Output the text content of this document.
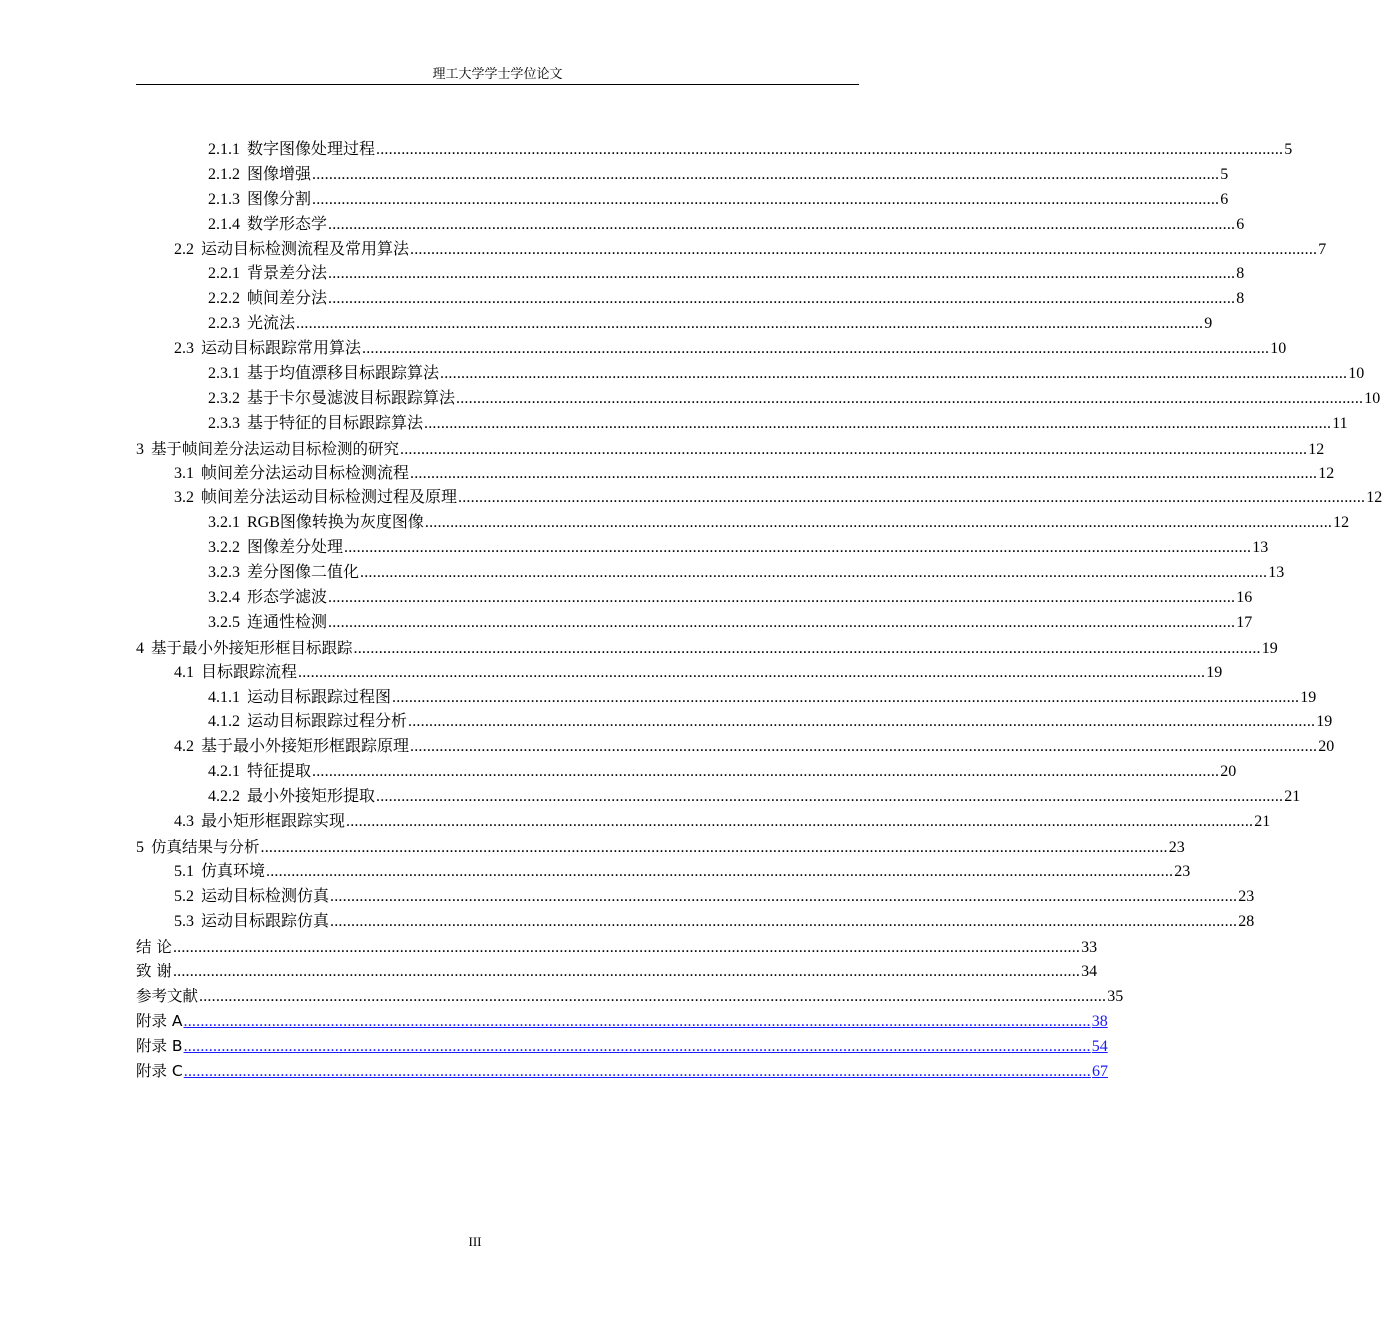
理工大学学士学位论文
2.1.1 数字图像处理过程 ........................................................................................................................................................................................................................ 5
2.1.2 图像增强 ........................................................................................................................................................................................................................ 5
2.1.3 图像分割 ........................................................................................................................................................................................................................ 6
2.1.4 数学形态学 ........................................................................................................................................................................................................................ 6
2.2 运动目标检测流程及常用算法 ........................................................................................................................................................................................................................ 7
2.2.1 背景差分法 ........................................................................................................................................................................................................................ 8
2.2.2 帧间差分法 ........................................................................................................................................................................................................................ 8
2.2.3 光流法 ........................................................................................................................................................................................................................ 9
2.3 运动目标跟踪常用算法 ........................................................................................................................................................................................................................ 10
2.3.1 基于均值漂移目标跟踪算法 ........................................................................................................................................................................................................................ 10
2.3.2 基于卡尔曼滤波目标跟踪算法 ........................................................................................................................................................................................................................ 10
2.3.3 基于特征的目标跟踪算法 ........................................................................................................................................................................................................................ 11
3 基于帧间差分法运动目标检测的研究 ........................................................................................................................................................................................................................ 12
3.1 帧间差分法运动目标检测流程 ........................................................................................................................................................................................................................ 12
3.2 帧间差分法运动目标检测过程及原理 ........................................................................................................................................................................................................................ 12
3.2.1 RGB图像转换为灰度图像 ........................................................................................................................................................................................................................ 12
3.2.2 图像差分处理 ........................................................................................................................................................................................................................ 13
3.2.3 差分图像二值化 ........................................................................................................................................................................................................................ 13
3.2.4 形态学滤波 ........................................................................................................................................................................................................................ 16
3.2.5 连通性检测 ........................................................................................................................................................................................................................ 17
4 基于最小外接矩形框目标跟踪 ........................................................................................................................................................................................................................ 19
4.1 目标跟踪流程 ........................................................................................................................................................................................................................ 19
4.1.1 运动目标跟踪过程图 ........................................................................................................................................................................................................................ 19
4.1.2 运动目标跟踪过程分析 ........................................................................................................................................................................................................................ 19
4.2 基于最小外接矩形框跟踪原理 ........................................................................................................................................................................................................................ 20
4.2.1 特征提取 ........................................................................................................................................................................................................................ 20
4.2.2 最小外接矩形提取 ........................................................................................................................................................................................................................ 21
4.3 最小矩形框跟踪实现 ........................................................................................................................................................................................................................ 21
5 仿真结果与分析 ........................................................................................................................................................................................................................ 23
5.1 仿真环境 ........................................................................................................................................................................................................................ 23
5.2 运动目标检测仿真 ........................................................................................................................................................................................................................ 23
5.3 运动目标跟踪仿真 ........................................................................................................................................................................................................................ 28
结 论 ........................................................................................................................................................................................................................ 33
致 谢 ........................................................................................................................................................................................................................ 34
参考文献 ........................................................................................................................................................................................................................ 35
附录 A ........................................................................................................................................................................................................................ 38
附录 B ........................................................................................................................................................................................................................ 54
附录 C ........................................................................................................................................................................................................................ 67
III
